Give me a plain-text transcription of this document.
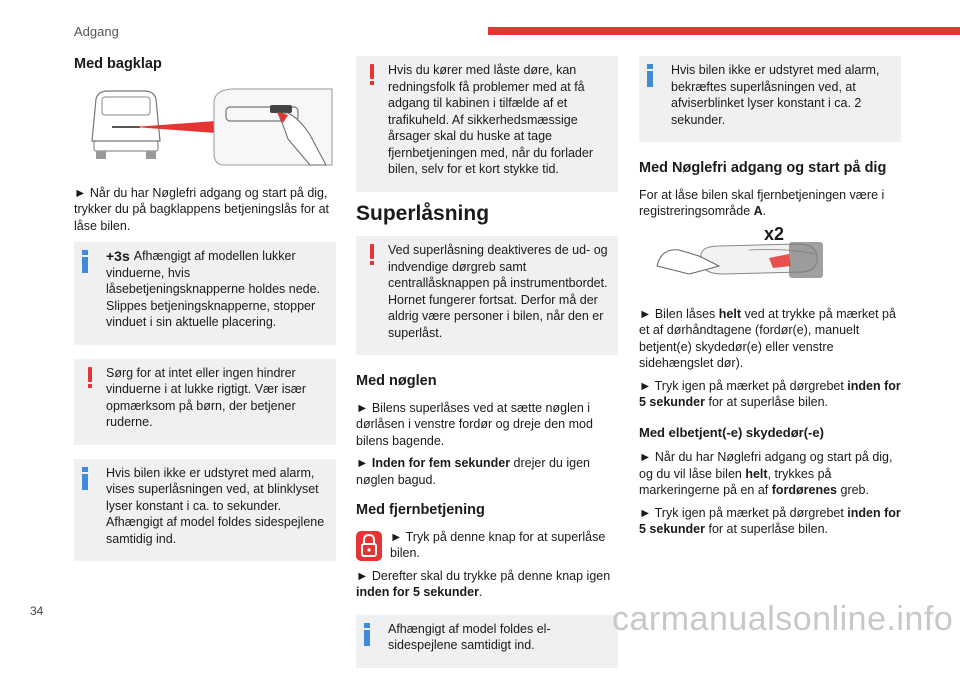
Adgang
Med bagklap

► Når du har Nøglefri adgang og start på dig, trykker du på bagklappens betjeningslås for at låse bilen.

+3s Afhængigt af modellen lukker vinduerne, hvis låsebetjeningsknapperne holdes nede. Slippes betjeningsknapperne, stopper vinduet i sin aktuelle placering.

Sørg for at intet eller ingen hindrer vinduerne i at lukke rigtigt. Vær især opmærksom på børn, der betjener ruderne.

Hvis bilen ikke er udstyret med alarm, vises superlåsningen ved, at blinklyset lyser konstant i ca. to sekunder. Afhængigt af model foldes sidespejlene samtidig ind.

Hvis du kører med låste døre, kan redningsfolk få problemer med at få adgang til kabinen i tilfælde af et trafikuheld. Af sikkerhedsmæssige årsager skal du huske at tage fjernbetjeningen med, når du forlader bilen, selv for et kort stykke tid.

Superlåsning

Ved superlåsning deaktiveres de ud- og indvendige dørgreb samt centrallåsknappen på instrumentbordet. Hornet fungerer fortsat. Derfor må der aldrig være personer i bilen, når den er superlåst.

Med nøglen

► Bilens superlåses ved at sætte nøglen i dørlåsen i venstre fordør og dreje den mod bilens bagende.

► Inden for fem sekunder drejer du igen nøglen bagud.

Med fjernbetjening

► Tryk på denne knap for at superlåse bilen.

► Derefter skal du trykke på denne knap igen inden for 5 sekunder.

Afhængigt af model foldes el-sidespejlene samtidigt ind.

Hvis bilen ikke er udstyret med alarm, bekræftes superlåsningen ved, at afviserblinket lyser konstant i ca. 2 sekunder.

Med Nøglefri adgang og start på dig

For at låse bilen skal fjernbetjeningen være i registreringsområde A.

x2

► Bilen låses helt ved at trykke på mærket på et af dørhåndtagene (fordør(e), manuelt betjent(e) skydedør(e) eller venstre sidehængslet dør).

► Tryk igen på mærket på dørgrebet inden for 5 sekunder for at superlåse bilen.

Med elbetjent(-e) skydedør(-e)

► Når du har Nøglefri adgang og start på dig, og du vil låse bilen helt, trykkes på markeringerne på en af fordørenes greb.

► Tryk igen på mærket på dørgrebet inden for 5 sekunder for at superlåse bilen.

34	carmanualsonline.info
